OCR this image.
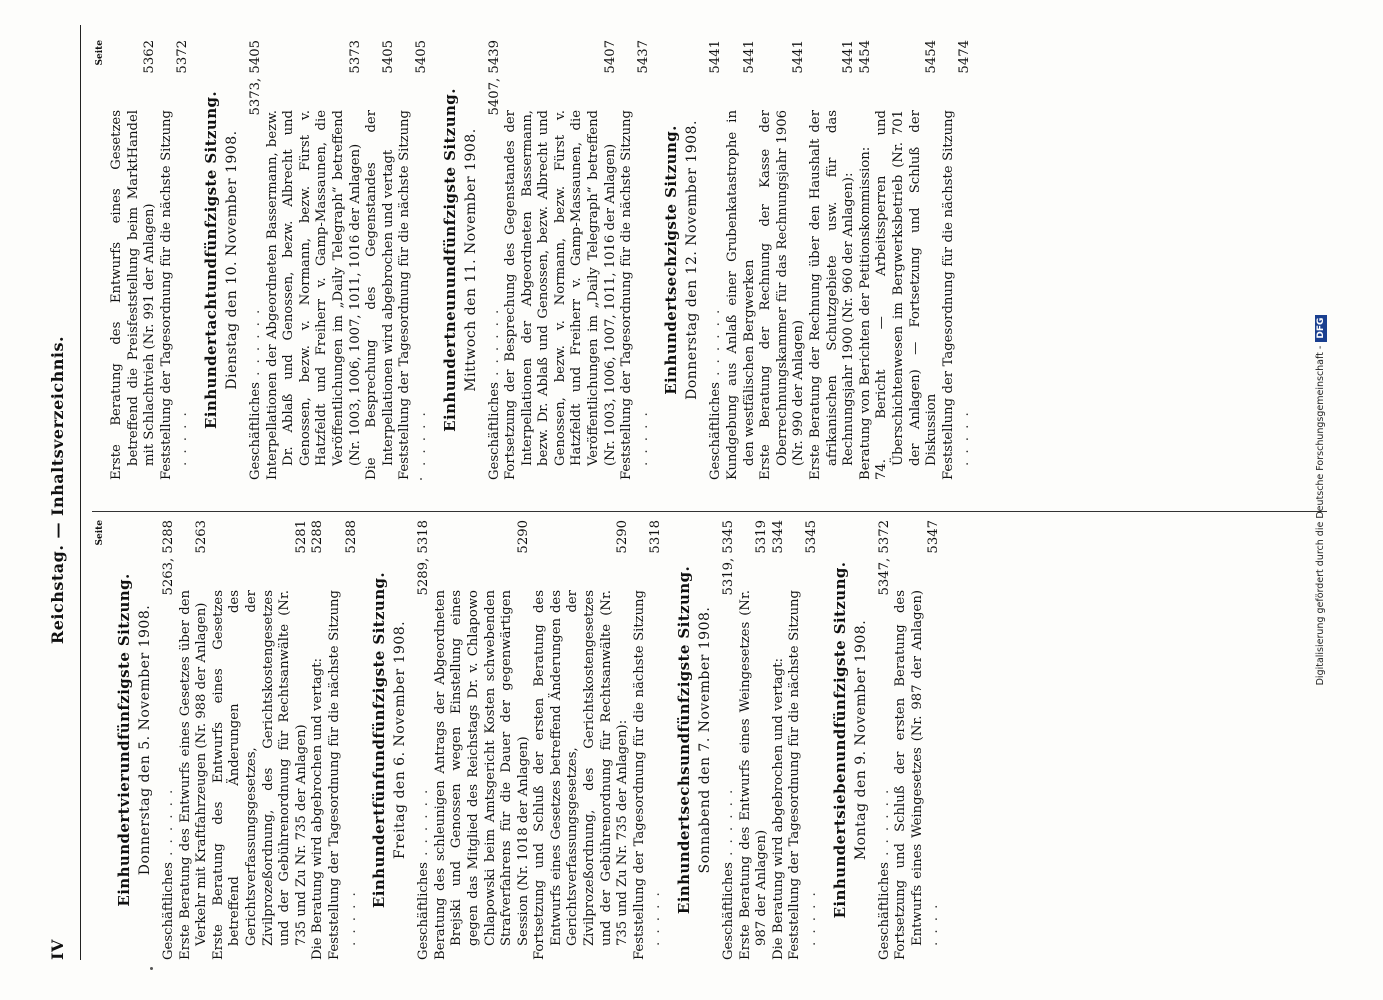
IV
Reichstag. — Inhaltsverzeichnis.	Seite
Einhundertvierundfünfzigste Sitzung. Donnerstag den 5. November 1908.
Geschäftliches . . . . . .
5263, 5288
Erste Beratung des Entwurfs eines Gesetzes über den Verkehr mit Kraftfahrzeugen (Nr. 988 der Anlagen)
5263
Erste Beratung des Entwurfs eines Gesetzes betreffend Änderungen des Gerichtsverfassungsgesetzes, der Zivilprozeßordnung, des Gerichtskostengesetzes und der Gebührenordnung für Rechtsanwälte (Nr. 735 und Zu Nr. 735 der Anlagen)
5281
Die Beratung wird abgebrochen und vertagt:
5288
Feststellung der Tagesordnung für die nächste Sitzung . . . . .
5288
Einhundertfünfundfünfzigste Sitzung. Freitag den 6. November 1908.
Geschäftliches . . . . . .
5289, 5318
Beratung des schleunigen Antrags der Abgeordneten Brejski und Genossen wegen Einstellung eines gegen das Mitglied des Reichstags Dr. v. Chlapowo Chlapowski beim Amtsgericht Kosten schwebenden Strafverfahrens für die Dauer der gegenwärtigen Session (Nr. 1018 der Anlagen)
5290
Fortsetzung und Schluß der ersten Beratung des Entwurfs eines Gesetzes betreffend Änderungen des Gerichtsverfassungsgesetzes, der Zivilprozeßordnung, des Gerichtskostengesetzes und der Gebührenordnung für Rechtsanwälte (Nr. 735 und Zu Nr. 735 der Anlagen):
5290
Feststellung der Tagesordnung für die nächste Sitzung . . . . .
5318
Einhundertsechsundfünfzigste Sitzung. Sonnabend den 7. November 1908.
Geschäftliches . . . . . .
5319, 5345
Erste Beratung des Entwurfs eines Weingesetzes (Nr. 987 der Anlagen)
5319
Die Beratung wird abgebrochen und vertagt:
5344
Feststellung der Tagesordnung für die nächste Sitzung . . . . .
5345
Einhundertsiebenundfünfzigste Sitzung. Montag den 9. November 1908.
Geschäftliches . . . . . .
5347, 5372
Fortsetzung und Schluß der ersten Beratung des Entwurfs eines Weingesetzes (Nr. 987 der Anlagen) . . . .
5347
Seite
Erste Beratung des Entwurfs eines Gesetzes betreffend die Preisfeststellung beim MarktHandel mit Schlachtvieh (Nr. 991 der Anlagen)
5362
Feststellung der Tagesordnung für die nächste Sitzung . . . . .
5372
Einhundertachtundfünfzigste Sitzung. Dienstag den 10. November 1908.
Geschäftliches . . . . . .
5373, 5405
Interpellationen der Abgeordneten Bassermann, bezw. Dr. Ablaß und Genossen, bezw. Albrecht und Genossen, bezw. v. Normann, bezw. Fürst v. Hatzfeldt und Freiherr v. Gamp-Massaunen, die Veröffentlichungen im „Daily Telegraph“ betreffend (Nr. 1003, 1006, 1007, 1011, 1016 der Anlagen)
5373
Die Besprechung des Gegenstandes der Interpellationen wird abgebrochen und vertagt
5405
Feststellung der Tagesordnung für die nächste Sitzung . . . . .
5405
Einhundertneunundfünfzigste Sitzung. Mittwoch den 11. November 1908.
Geschäftliches . . . . . .
5407, 5439
Fortsetzung der Besprechung des Gegenstandes der Interpellationen der Abgeordneten Bassermann, bezw. Dr. Ablaß und Genossen, bezw. Albrecht und Genossen, bezw. v. Normann, bezw. Fürst v. Hatzfeldt und Freiherr v. Gamp-Massaunen, die Veröffentlichungen im „Daily Telegraph“ betreffend (Nr. 1003, 1006, 1007, 1011, 1016 der Anlagen)
5407
Feststellung der Tagesordnung für die nächste Sitzung . . . . .
5437
Einhundertsechzigste Sitzung. Donnerstag den 12. November 1908.
Geschäftliches . . . . . .
5441
Kundgebung aus Anlaß einer Grubenkatastrophe in den westfälischen Bergwerken
5441
Erste Beratung der Rechnung der Kasse der Oberrechnungskammer für das Rechnungsjahr 1906 (Nr. 990 der Anlagen)
5441
Erste Beratung der Rechnung über den Haushalt der afrikanischen Schutzgebiete usw. für das Rechnungsjahr 1900 (Nr. 960 der Anlagen):
5441
Beratung von Berichten der Petitionskommission:
5454
74. Bericht — Arbeitssperren und Überschichtenwesen im Bergwerksbetrieb (Nr. 701 der Anlagen) — Fortsetzung und Schluß der Diskussion
5454
Feststellung der Tagesordnung für die nächste Sitzung . . . . .
5474
Digitalisierung gefördert durch die Deutsche Forschungsgemeinschaft -DFG
